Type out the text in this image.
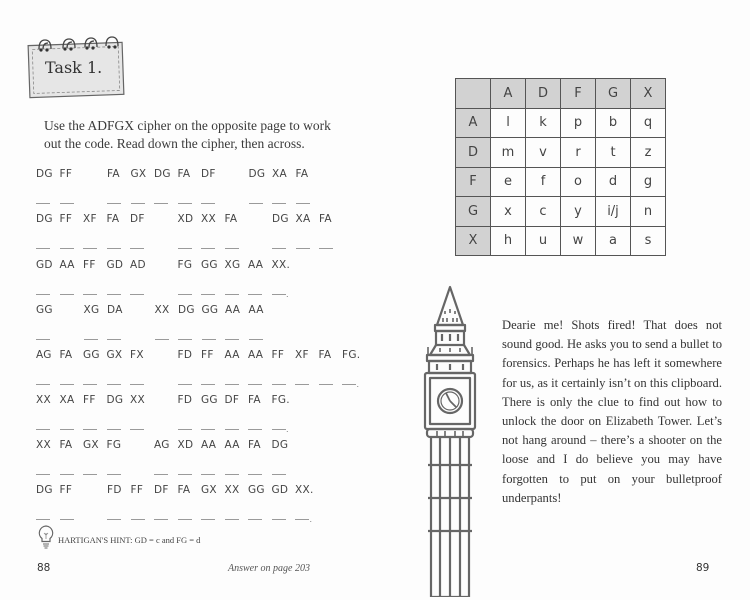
Task 1.
Use the ADFGX cipher on the opposite page to work out the code. Read down the cipher, then across.
DG FF	FA GX DG FA DF	DG XA FA
DG FF XF FA DF	XD XX FA	DG XA FA
GD AA FF GD AD	FG GG XG AA XX.
.
GG	XG DA	XX DG GG AA AA
AG FA GG GX FX	FD FF AA AA FF XF FA FG.
.
XX XA FF DG XX	FD GG DF FA FG.
.
XX FA GX FG	AG XD AA AA FA DG
DG FF	FD FF DF FA GX XX GG GD XX.
.
HARTIGAN'S HINT: GD = c and FG = d
Answer on page 203
88
	A	D	F	G	X
A	l	k	p	b	q
D	m	v	r	t	z
F	e	f	o	d	g
G	x	c	y	i/j	n
X	h	u	w	a	s
Dearie me! Shots fired! That does not sound good. He asks you to send a bullet to forensics. Perhaps he has left it somewhere for us, as it certainly isn’t on this clipboard. There is only the clue to find out how to unlock the door on Elizabeth Tower. Let’s not hang around – there’s a shooter on the loose and I do believe you may have forgotten to put on your bulletproof underpants!
89
